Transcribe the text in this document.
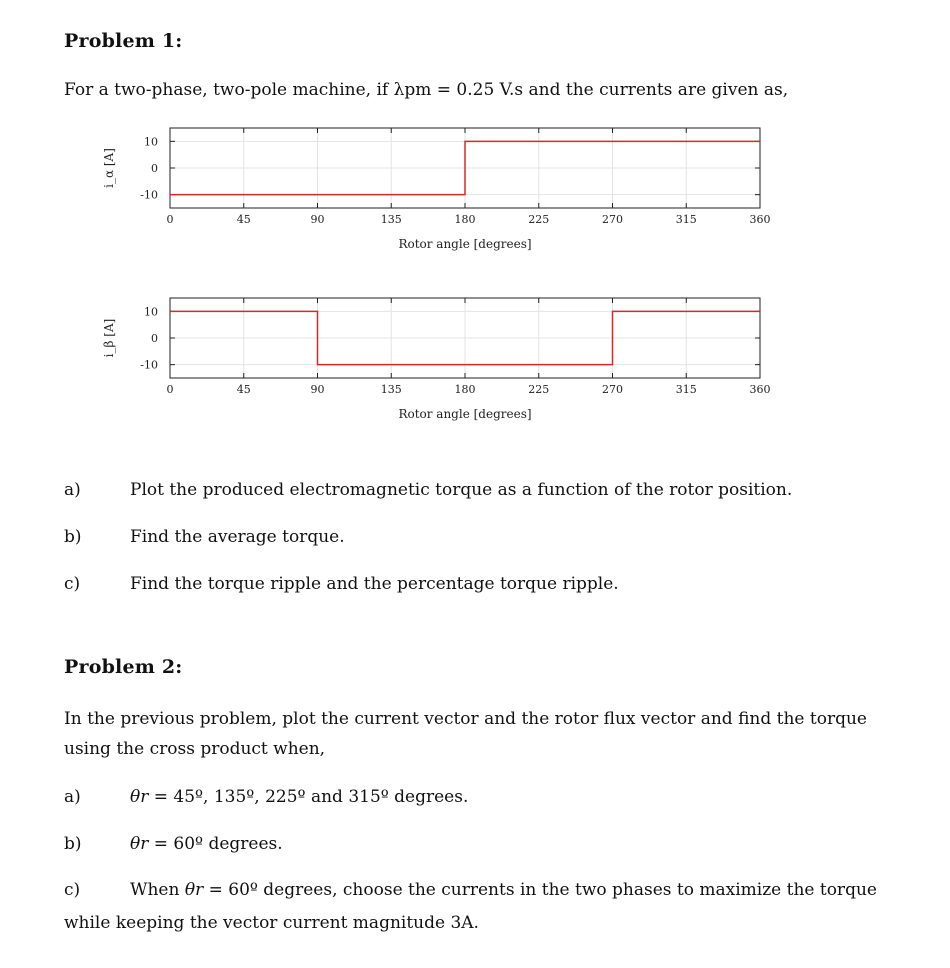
Problem 1:
For a two-phase, two-pole machine, if λpm = 0.25 V.s and the currents are given as,
0	45	90	135	180	225	270	315	360
10
0
-10
Rotor angle [degrees]
i_α [A]
0	45	90	135	180	225	270	315	360
10
0
-10
Rotor angle [degrees]
i_β [A]
a)	Plot the produced electromagnetic torque as a function of the rotor position.
b)	Find the average torque.
c)	Find the torque ripple and the percentage torque ripple.
Problem 2:
In the previous problem, plot the current vector and the rotor flux vector and find the torque
using the cross product when,
a)	θr = 45º, 135º, 225º and 315º degrees.
b)	θr = 60º degrees.
c)	When θr = 60º degrees, choose the currents in the two phases to maximize the torque
while keeping the vector current magnitude 3A.
